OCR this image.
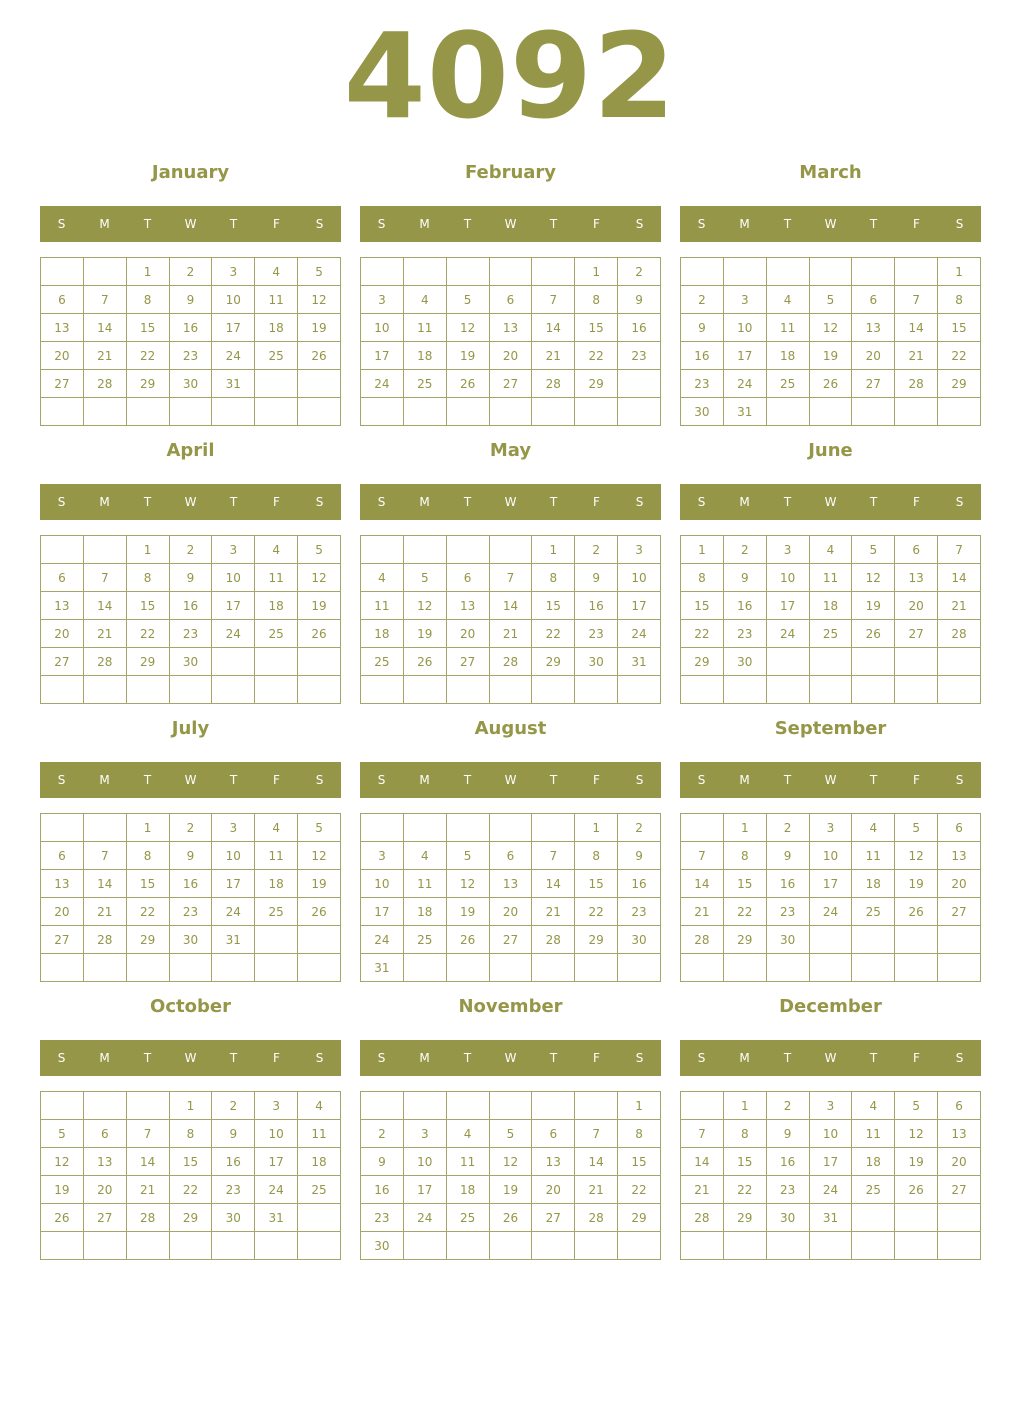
4092
January
S	M	T	W	T	F	S
		1	2	3	4	5
6	7	8	9	10	11	12
13	14	15	16	17	18	19
20	21	22	23	24	25	26
27	28	29	30	31		

February
S	M	T	W	T	F	S
					1	2
3	4	5	6	7	8	9
10	11	12	13	14	15	16
17	18	19	20	21	22	23
24	25	26	27	28	29	

March
S	M	T	W	T	F	S
						1
2	3	4	5	6	7	8
9	10	11	12	13	14	15
16	17	18	19	20	21	22
23	24	25	26	27	28	29
30	31					
April
S	M	T	W	T	F	S
		1	2	3	4	5
6	7	8	9	10	11	12
13	14	15	16	17	18	19
20	21	22	23	24	25	26
27	28	29	30			

May
S	M	T	W	T	F	S
				1	2	3
4	5	6	7	8	9	10
11	12	13	14	15	16	17
18	19	20	21	22	23	24
25	26	27	28	29	30	31

June
S	M	T	W	T	F	S
1	2	3	4	5	6	7
8	9	10	11	12	13	14
15	16	17	18	19	20	21
22	23	24	25	26	27	28
29	30					

July
S	M	T	W	T	F	S
		1	2	3	4	5
6	7	8	9	10	11	12
13	14	15	16	17	18	19
20	21	22	23	24	25	26
27	28	29	30	31		

August
S	M	T	W	T	F	S
					1	2
3	4	5	6	7	8	9
10	11	12	13	14	15	16
17	18	19	20	21	22	23
24	25	26	27	28	29	30
31						
September
S	M	T	W	T	F	S
	1	2	3	4	5	6
7	8	9	10	11	12	13
14	15	16	17	18	19	20
21	22	23	24	25	26	27
28	29	30				

October
S	M	T	W	T	F	S
			1	2	3	4
5	6	7	8	9	10	11
12	13	14	15	16	17	18
19	20	21	22	23	24	25
26	27	28	29	30	31	

November
S	M	T	W	T	F	S
						1
2	3	4	5	6	7	8
9	10	11	12	13	14	15
16	17	18	19	20	21	22
23	24	25	26	27	28	29
30						
December
S	M	T	W	T	F	S
	1	2	3	4	5	6
7	8	9	10	11	12	13
14	15	16	17	18	19	20
21	22	23	24	25	26	27
28	29	30	31			
